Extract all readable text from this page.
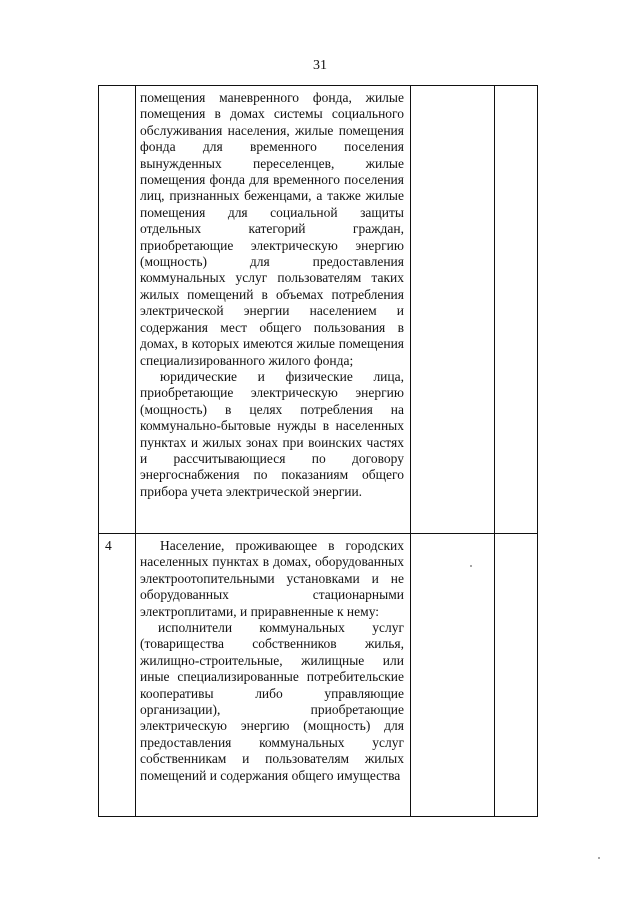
31

помещения маневренного фонда, жилые помещения в домах системы социального обслуживания населения, жилые помещения фонда для временного поселения вынужденных переселенцев, жилые помещения фонда для временного поселения лиц, признанных беженцами, а также жилые помещения для социальной защиты отдельных категорий граждан, приобретающие электрическую энергию (мощность) для предоставления коммунальных услуг пользователям таких жилых помещений в объемах потребления электрической энергии населением и содержания мест общего пользования в домах, в которых имеются жилые помещения специализированного жилого фонда;

юридические и физические лица, приобретающие электрическую энергию (мощность) в целях потребления на коммунально-бытовые нужды в населенных пунктах и жилых зонах при воинских частях и рассчитывающиеся по договору энергоснабжения по показаниям общего прибора учета электрической энергии.

4	Население, проживающее в городских населенных пунктах в домах, оборудованных электроотопительными установками и не оборудованных стационарными электроплитами, и приравненные к нему:

исполнители коммунальных услуг (товарищества собственников жилья, жилищно-строительные, жилищные или иные специализированные потребительские кооперативы либо управляющие организации), приобретающие электрическую энергию (мощность) для предоставления коммунальных услуг собственникам и пользователям жилых помещений и содержания общего имущества
